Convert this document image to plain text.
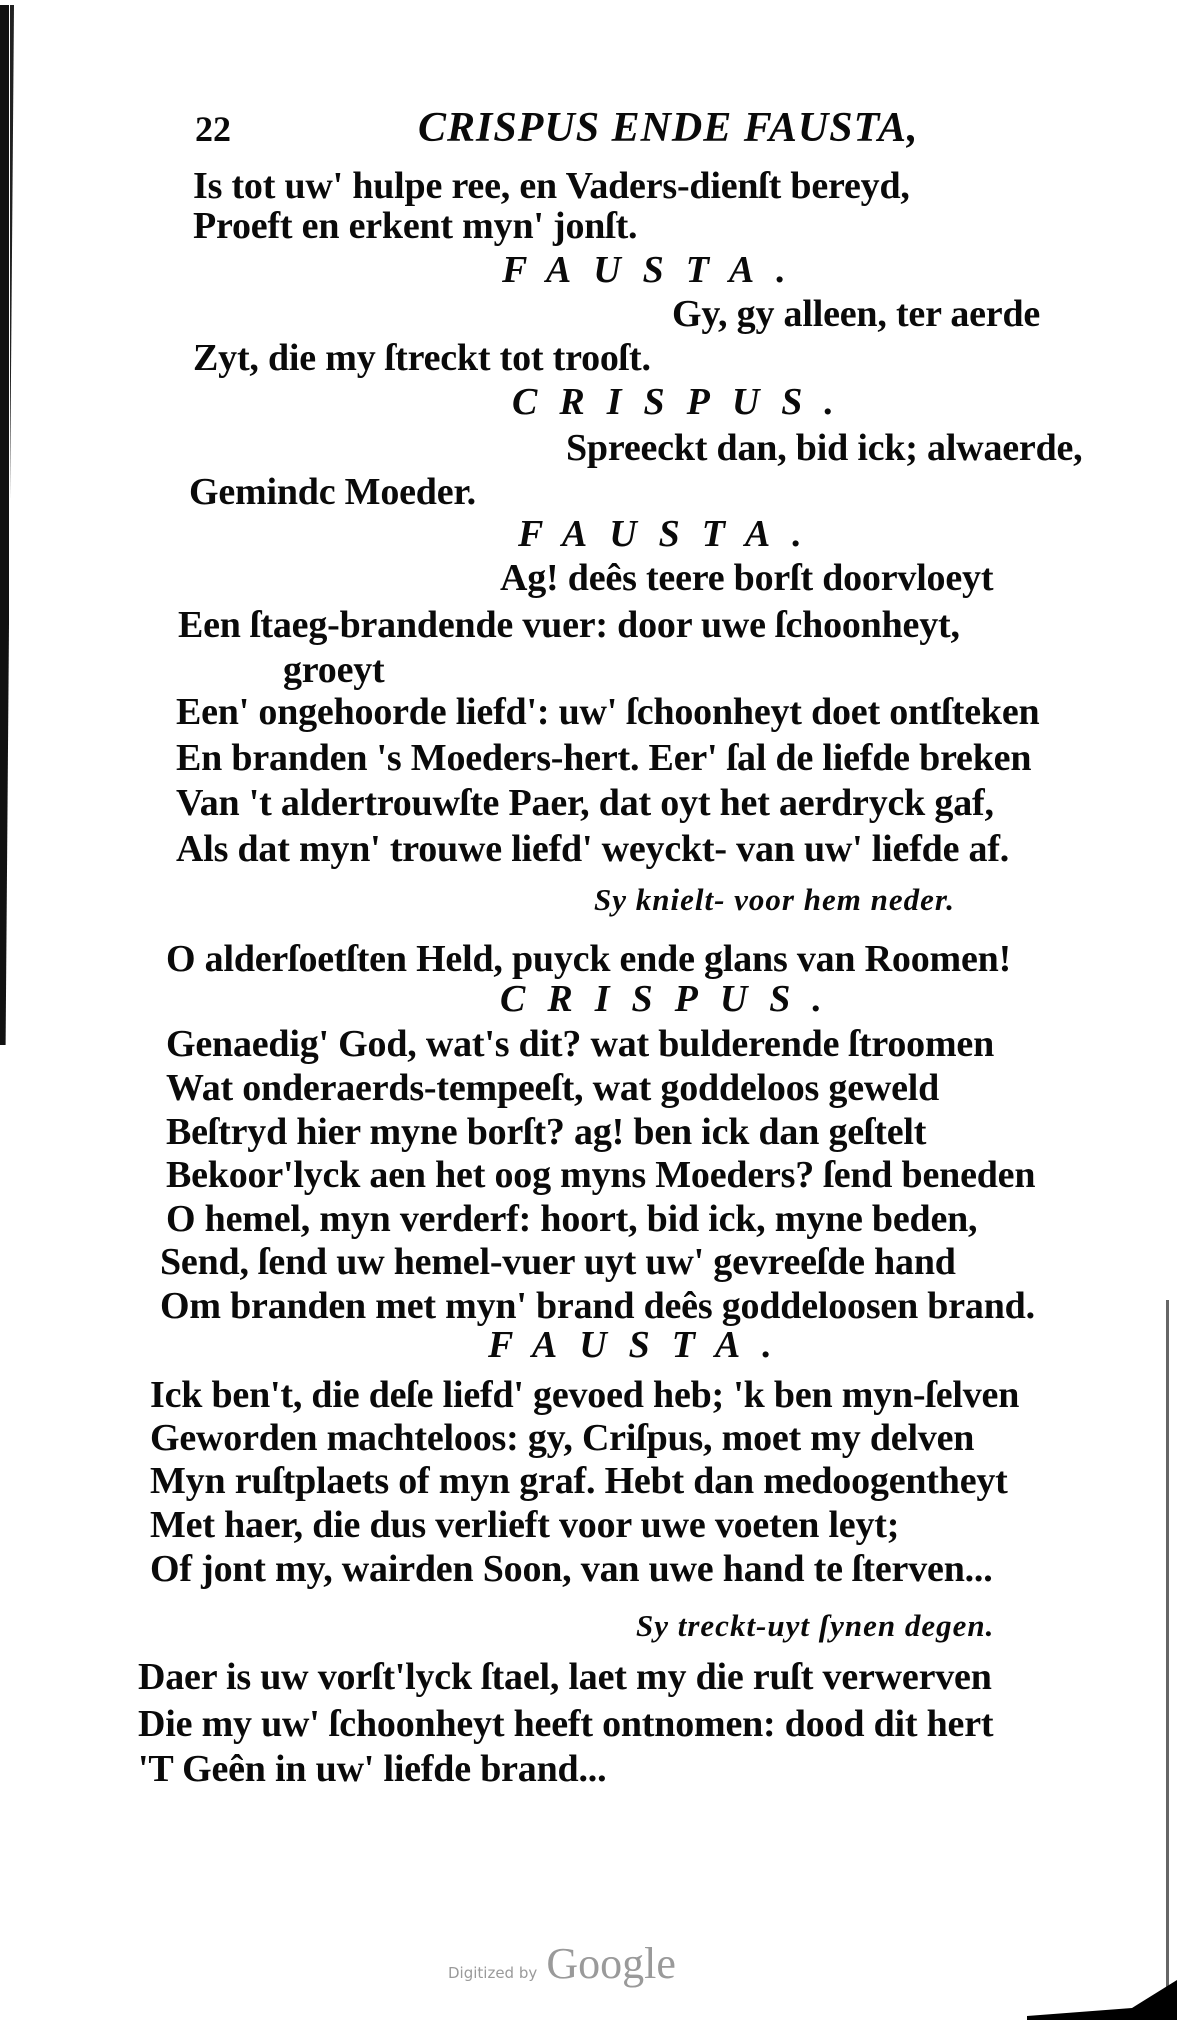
22	CRISPUS ENDE FAUSTA,
Is tot uw' hulpe ree, en Vaders-dienſt bereyd,
Proeft en erkent myn' jonſt.
FAUSTA.
Gy, gy alleen, ter aerde
Zyt, die my ſtreckt tot trooſt.
CRISPUS.
Spreeckt dan, bid ick; alwaerde,
Gemindc Moeder.
FAUSTA.
Ag! deês teere borſt doorvloeyt
Een ſtaeg-brandende vuer: door uwe ſchoonheyt,
groeyt
Een' ongehoorde liefd': uw' ſchoonheyt doet ontſteken
En branden 's Moeders-hert. Eer' ſal de liefde breken
Van 't aldertrouwſte Paer, dat oyt het aerdryck gaf,
Als dat myn' trouwe liefd' weyckt- van uw' liefde af.
Sy knielt- voor hem neder.
O alderſoetſten Held, puyck ende glans van Roomen!
CRISPUS.
Genaedig' God, wat's dit? wat bulderende ſtroomen
Wat onderaerds-tempeeſt, wat goddeloos geweld
Beſtryd hier myne borſt? ag! ben ick dan geſtelt
Bekoor'lyck aen het oog myns Moeders? ſend beneden
O hemel, myn verderf: hoort, bid ick, myne beden,
Send, ſend uw hemel-vuer uyt uw' gevreeſde hand
Om branden met myn' brand deês goddeloosen brand.
FAUSTA.
Ick ben't, die deſe liefd' gevoed heb; 'k ben myn-ſelven
Geworden machteloos: gy, Criſpus, moet my delven
Myn ruſtplaets of myn graf. Hebt dan medoogentheyt
Met haer, die dus verlieft voor uwe voeten leyt;
Of jont my, wairden Soon, van uwe hand te ſterven...
Sy treckt-uyt ſynen degen.
Daer is uw vorſt'lyck ſtael, laet my die ruſt verwerven
Die my uw' ſchoonheyt heeft ontnomen: dood dit hert
'T Geên in uw' liefde brand...
Digitized by Google
